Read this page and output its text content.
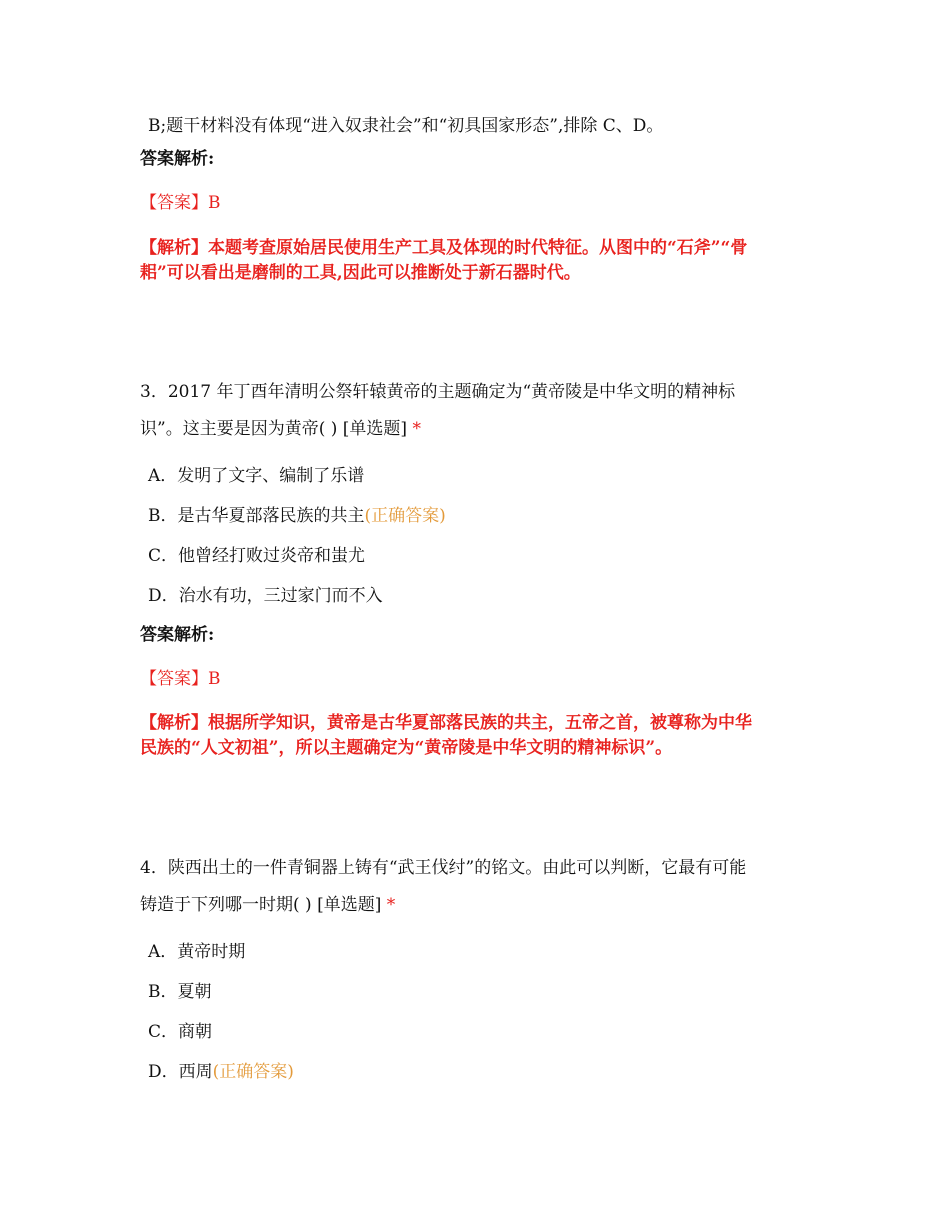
B;题干材料没有体现“进入奴隶社会”和“初具国家形态”,排除 C、D。
答案解析:
【答案】B
【解析】本题考查原始居民使用生产工具及体现的时代特征。从图中的“石斧”“骨
耜”可以看出是磨制的工具,因此可以推断处于新石器时代。
3．2017 年丁酉年清明公祭轩辕黄帝的主题确定为“黄帝陵是中华文明的精神标
识”。这主要是因为黄帝( ) [单选题] *
A．发明了文字、编制了乐谱
B．是古华夏部落民族的共主(正确答案)
C．他曾经打败过炎帝和蚩尤
D．治水有功，三过家门而不入
答案解析:
【答案】B
【解析】根据所学知识，黄帝是古华夏部落民族的共主，五帝之首，被尊称为中华
民族的“人文初祖”，所以主题确定为“黄帝陵是中华文明的精神标识”。
4．陕西出土的一件青铜器上铸有“武王伐纣”的铭文。由此可以判断，它最有可能
铸造于下列哪一时期( ) [单选题] *
A．黄帝时期
B．夏朝
C．商朝
D．西周(正确答案)
